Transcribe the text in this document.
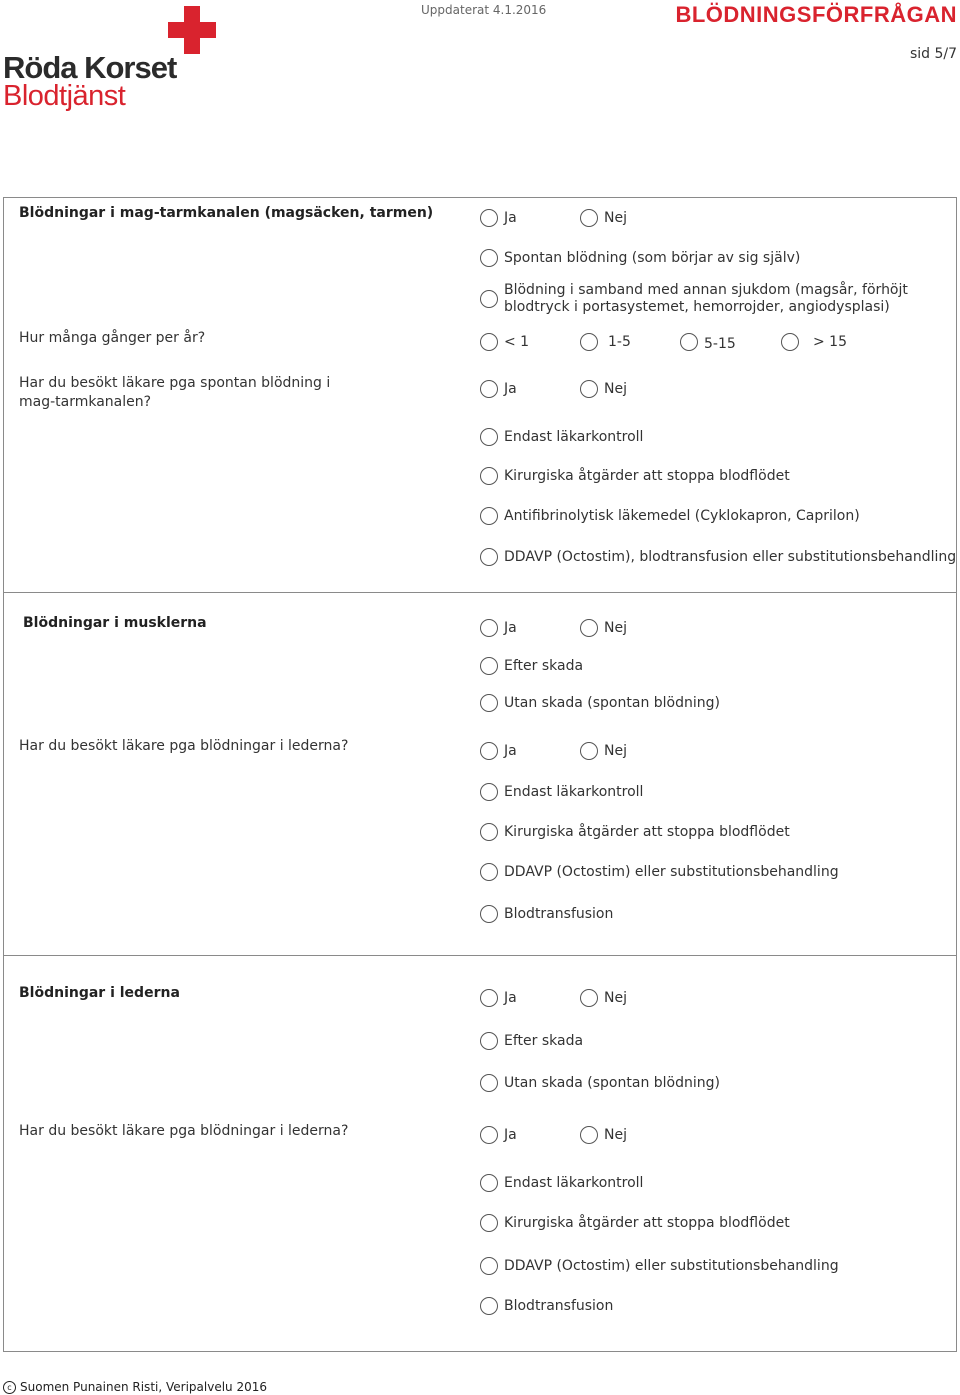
Röda Korset
Blodtjänst
Uppdaterat 4.1.2016	BLÖDNINGSFÖRFRÅGAN
sid 5/7
Blödningar i mag-tarmkanalen (magsäcken, tarmen)	Ja	Nej
Spontan blödning (som börjar av sig själv)
Blödning i samband med annan sjukdom (magsår, förhöjt
blodtryck i portasystemet, hemorrojder, angiodysplasi)
Hur många gånger per år?	< 1	1-5	5-15	> 15
Har du besökt läkare pga spontan blödning i mag-tarmkanalen?
Ja	Nej
Endast läkarkontroll
Kirurgiska åtgärder att stoppa blodflödet
Antifibrinolytisk läkemedel (Cyklokapron, Caprilon)
DDAVP (Octostim), blodtransfusion eller substitutionsbehandling
Blödningar i musklerna	Ja	Nej
Efter skada
Utan skada (spontan blödning)
Har du besökt läkare pga blödningar i lederna?	Ja	Nej
Endast läkarkontroll
Kirurgiska åtgärder att stoppa blodflödet
DDAVP (Octostim) eller substitutionsbehandling
Blodtransfusion
Blödningar i lederna	Ja	Nej
Efter skada
Utan skada (spontan blödning)
Har du besökt läkare pga blödningar i lederna?	Ja	Nej
Endast läkarkontroll
Kirurgiska åtgärder att stoppa blodflödet
DDAVP (Octostim) eller substitutionsbehandling
Blodtransfusion
c Suomen Punainen Risti, Veripalvelu 2016
